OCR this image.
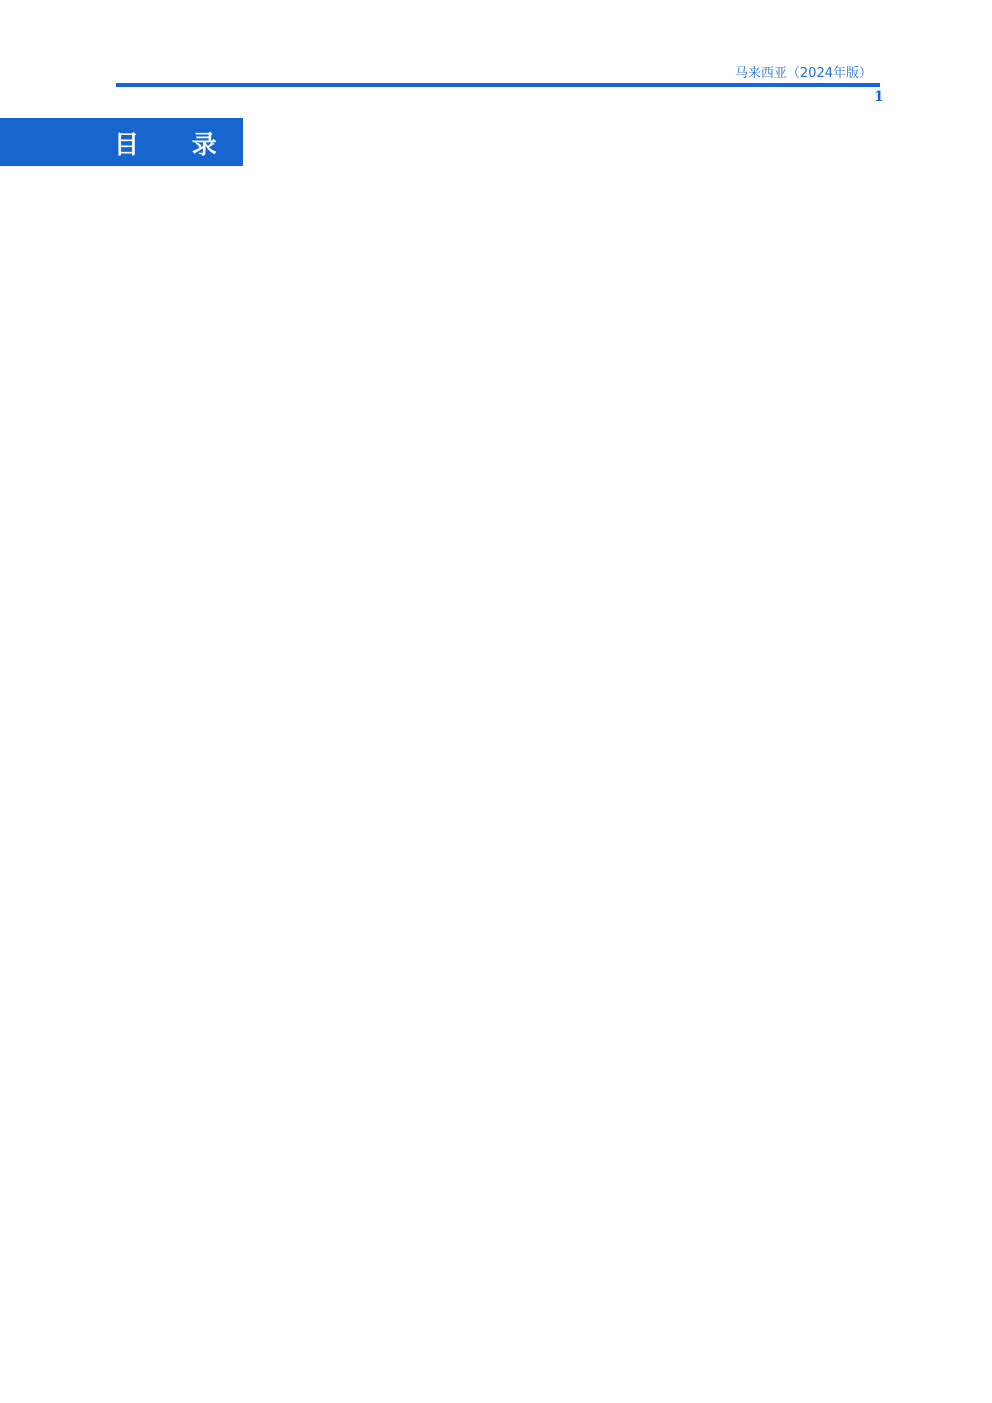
马来西亚（2024年版）
1
目 录
